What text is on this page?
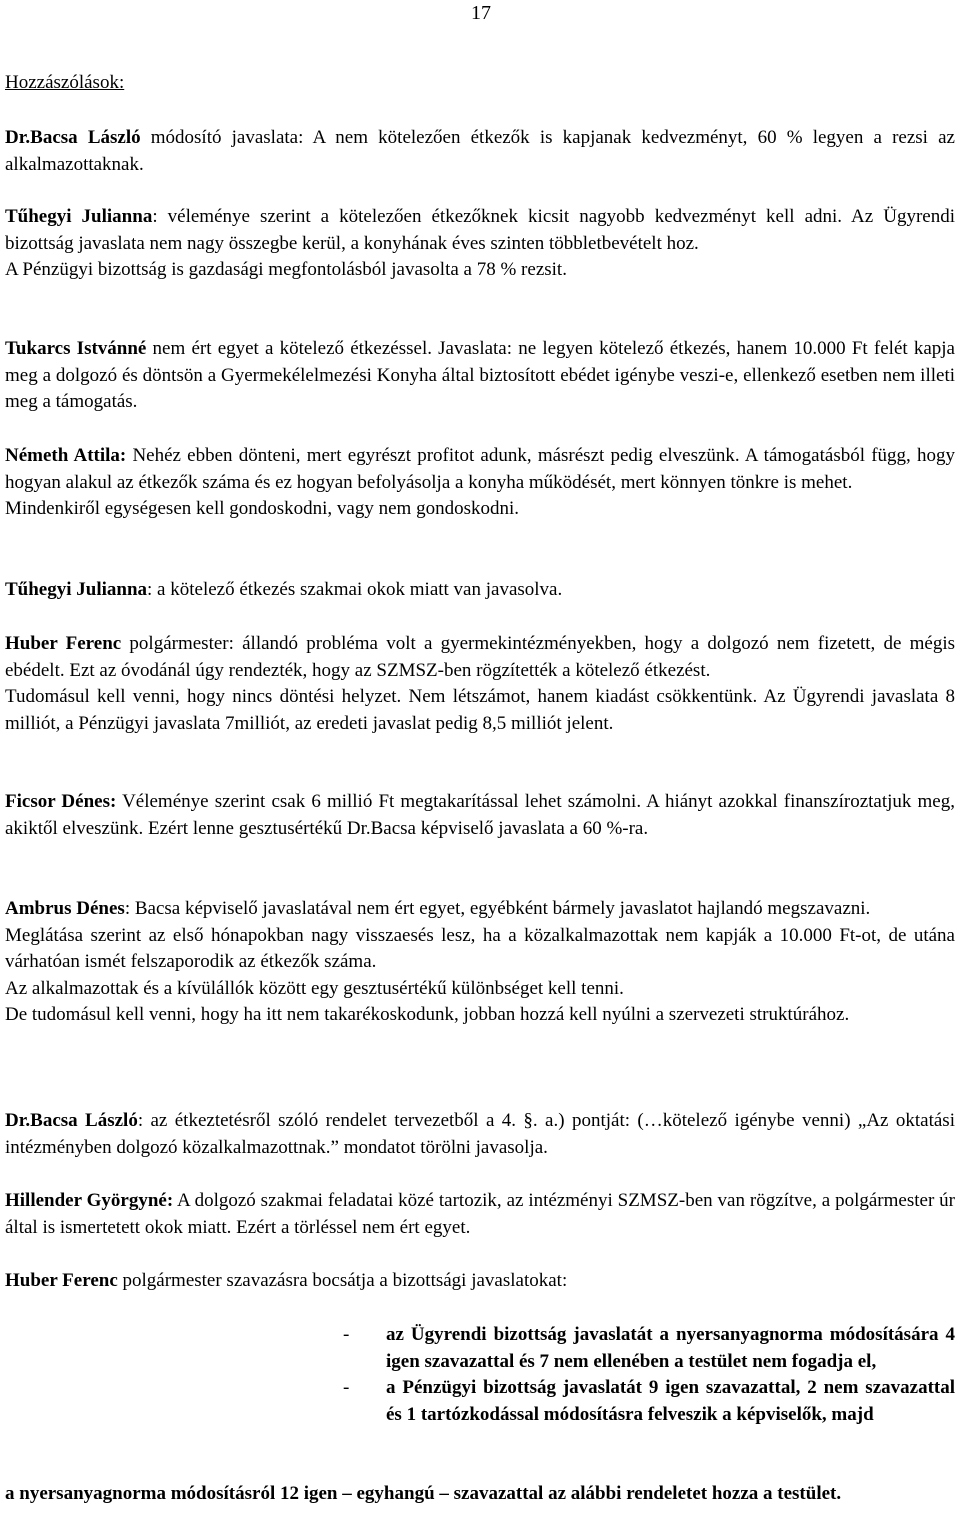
17
Hozzászólások:

Dr.Bacsa László módosító javaslata: A nem kötelezően étkezők is kapjanak kedvezményt, 60 % legyen a rezsi az alkalmazottaknak.

Tűhegyi Julianna: véleménye szerint a kötelezően étkezőknek kicsit nagyobb kedvezményt kell adni. Az Ügyrendi bizottság javaslata nem nagy összegbe kerül, a konyhának éves szinten többletbevételt hoz.

A Pénzügyi bizottság is gazdasági megfontolásból javasolta a 78 % rezsit.

Tukarcs Istvánné nem ért egyet a kötelező étkezéssel. Javaslata: ne legyen kötelező étkezés, hanem 10.000 Ft felét kapja meg a dolgozó és döntsön a Gyermekélelmezési Konyha által biztosított ebédet igénybe veszi-e, ellenkező esetben nem illeti meg a támogatás.

Németh Attila: Nehéz ebben dönteni, mert egyrészt profitot adunk, másrészt pedig elveszünk. A támogatásból függ, hogy hogyan alakul az étkezők száma és ez hogyan befolyásolja a konyha működését, mert könnyen tönkre is mehet.

Mindenkiről egységesen kell gondoskodni, vagy nem gondoskodni.

Tűhegyi Julianna: a kötelező étkezés szakmai okok miatt van javasolva.

Huber Ferenc polgármester: állandó probléma volt a gyermekintézményekben, hogy a dolgozó nem fizetett, de mégis ebédelt. Ezt az óvodánál úgy rendezték, hogy az SZMSZ-ben rögzítették a kötelező étkezést.

Tudomásul kell venni, hogy nincs döntési helyzet. Nem létszámot, hanem kiadást csökkentünk. Az Ügyrendi javaslata 8 milliót, a Pénzügyi javaslata 7milliót, az eredeti javaslat pedig 8,5 milliót jelent.

Ficsor Dénes: Véleménye szerint csak 6 millió Ft megtakarítással lehet számolni. A hiányt azokkal finanszíroztatjuk meg, akiktől elveszünk. Ezért lenne gesztusértékű Dr.Bacsa képviselő javaslata a 60 %-ra.

Ambrus Dénes: Bacsa képviselő javaslatával nem ért egyet, egyébként bármely javaslatot hajlandó megszavazni.

Meglátása szerint az első hónapokban nagy visszaesés lesz, ha a közalkalmazottak nem kapják a 10.000 Ft-ot, de utána várhatóan ismét felszaporodik az étkezők száma.

Az alkalmazottak és a kívülállók között egy gesztusértékű különbséget kell tenni.

De tudomásul kell venni, hogy ha itt nem takarékoskodunk, jobban hozzá kell nyúlni a szervezeti struktúrához.

Dr.Bacsa László: az étkeztetésről szóló rendelet tervezetből a 4. §. a.) pontját: (…kötelező igénybe venni) „Az oktatási intézményben dolgozó közalkalmazottnak.” mondatot törölni javasolja.

Hillender Györgyné: A dolgozó szakmai feladatai közé tartozik, az intézményi SZMSZ-ben van rögzítve, a polgármester úr által is ismertetett okok miatt. Ezért a törléssel nem ért egyet.

Huber Ferenc polgármester szavazásra bocsátja a bizottsági javaslatokat:

- az Ügyrendi bizottság javaslatát a nyersanyagnorma módosítására 4 igen szavazattal és 7 nem ellenében a testület nem fogadja el,
- a Pénzügyi bizottság javaslatát 9 igen szavazattal, 2 nem szavazattal és 1 tartózkodással módosításra felveszik a képviselők, majd
a nyersanyagnorma módosításról 12 igen – egyhangú – szavazattal az alábbi rendeletet hozza a testület.
